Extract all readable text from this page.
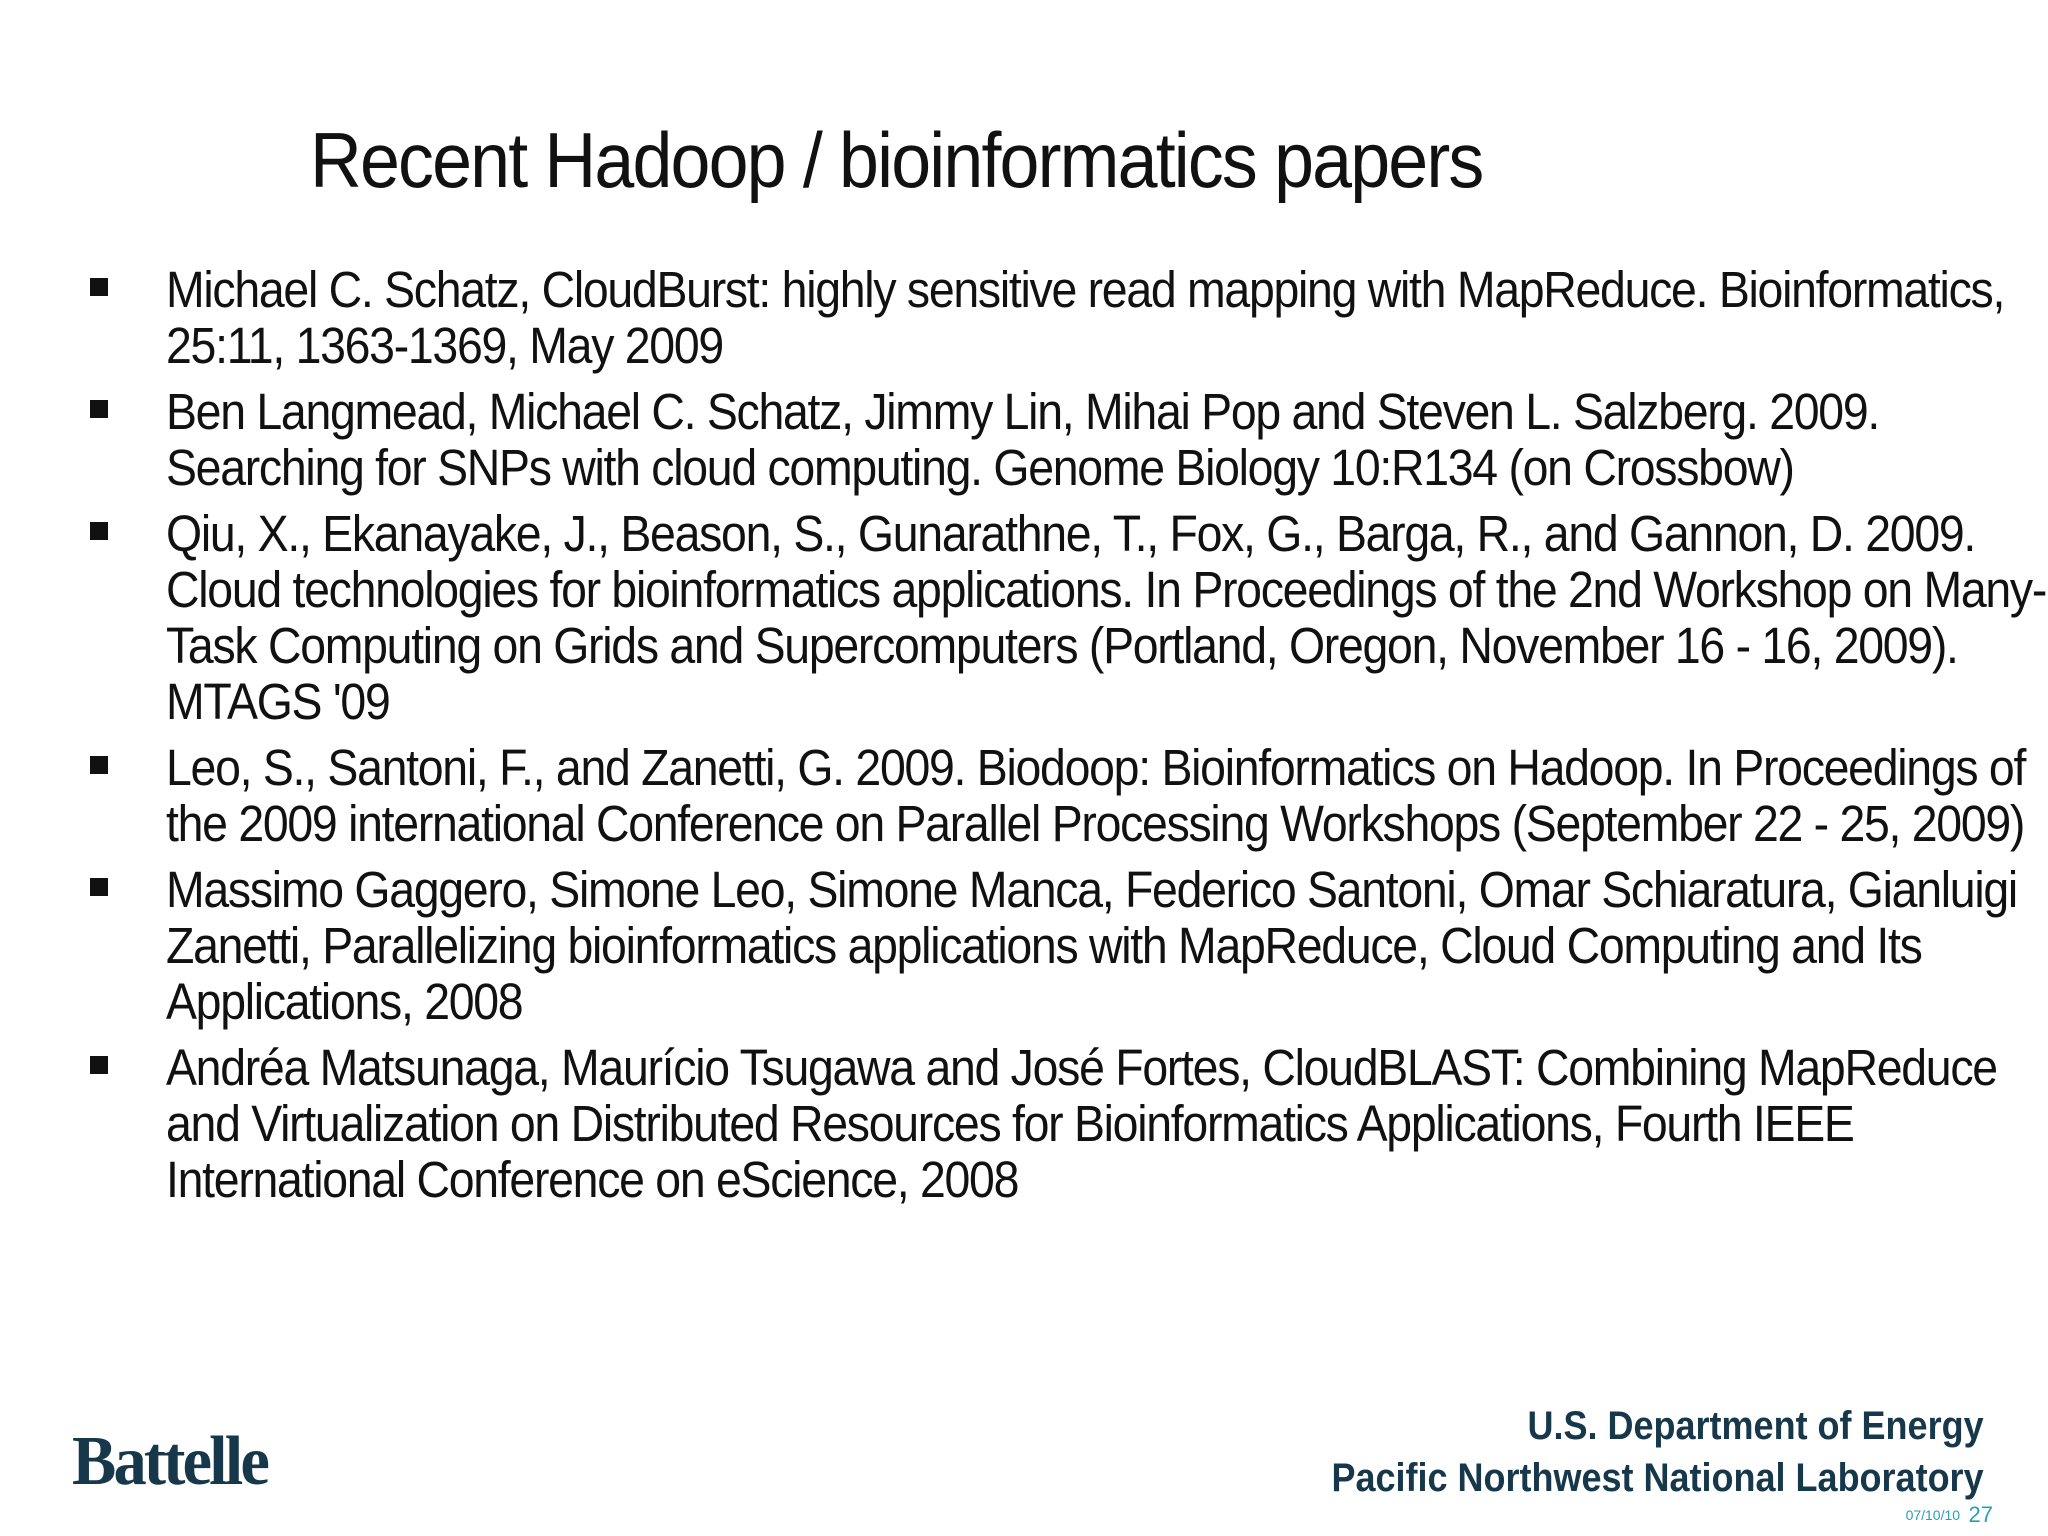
Recent Hadoop / bioinformatics papers
Michael C. Schatz, CloudBurst: highly sensitive read mapping with MapReduce. Bioinformatics, 25:11, 1363-1369, May 2009
Ben Langmead, Michael C. Schatz, Jimmy Lin, Mihai Pop and Steven L. Salzberg. 2009. Searching for SNPs with cloud computing. Genome Biology 10:R134 (on Crossbow)
Qiu, X., Ekanayake, J., Beason, S., Gunarathne, T., Fox, G., Barga, R., and Gannon, D. 2009. Cloud technologies for bioinformatics applications. In Proceedings of the 2nd Workshop on Many-Task Computing on Grids and Supercomputers (Portland, Oregon, November 16 - 16, 2009). MTAGS '09
Leo, S., Santoni, F., and Zanetti, G. 2009. Biodoop: Bioinformatics on Hadoop. In Proceedings of the 2009 international Conference on Parallel Processing Workshops (September 22 - 25, 2009)
Massimo Gaggero, Simone Leo, Simone Manca, Federico Santoni, Omar Schiaratura, Gianluigi Zanetti, Parallelizing bioinformatics applications with MapReduce, Cloud Computing and Its Applications, 2008
Andréa Matsunaga, Maurício Tsugawa and José Fortes, CloudBLAST: Combining MapReduce and Virtualization on Distributed Resources for Bioinformatics Applications, Fourth IEEE International Conference on eScience, 2008
Battelle	U.S. Department of Energy
Pacific Northwest National Laboratory
07/10/10 27
